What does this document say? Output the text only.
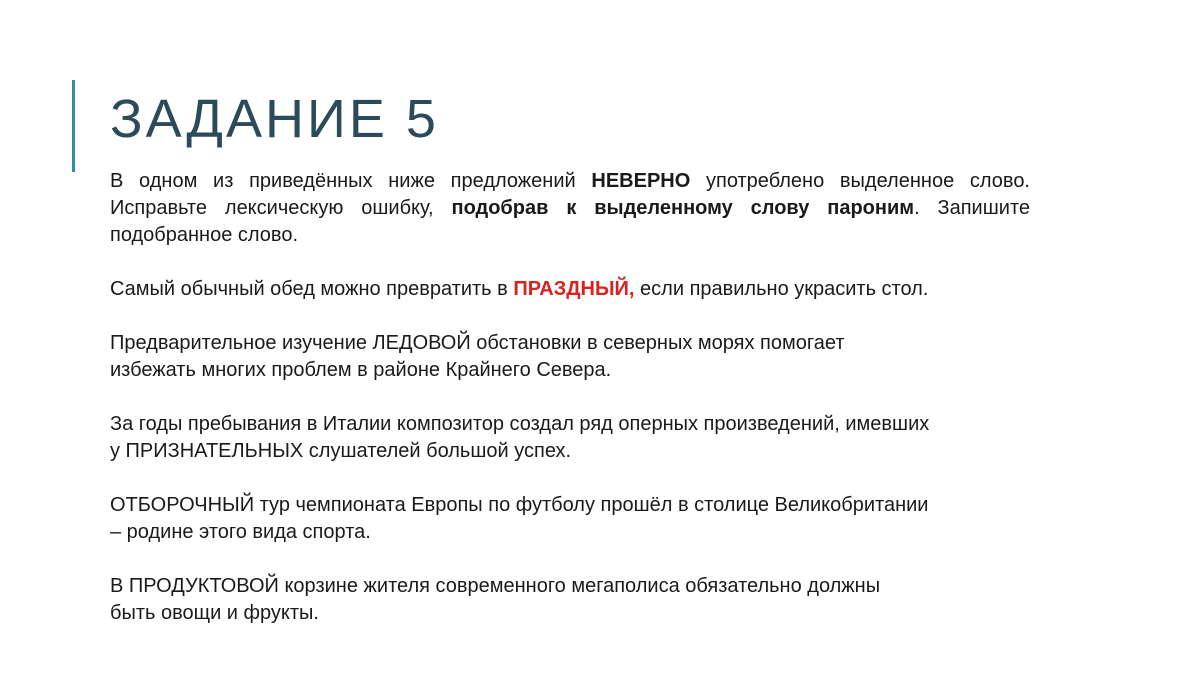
ЗАДАНИЕ 5

В одном из приведённых ниже предложений НЕВЕРНО употреблено выделенное слово. Исправьте лексическую ошибку, подобрав к выделенному слову пароним. Запишите подобранное слово.

Самый обычный обед можно превратить в ПРАЗДНЫЙ, если правильно украсить стол.

Предварительное изучение ЛЕДОВОЙ обстановки в северных морях помогает
избежать многих проблем в районе Крайнего Севера.

За годы пребывания в Италии композитор создал ряд оперных произведений, имевших
у ПРИЗНАТЕЛЬНЫХ слушателей большой успех.

ОТБОРОЧНЫЙ тур чемпионата Европы по футболу прошёл в столице Великобритании
– родине этого вида спорта.

В ПРОДУКТОВОЙ корзине жителя современного мегаполиса обязательно должны
быть овощи и фрукты.
